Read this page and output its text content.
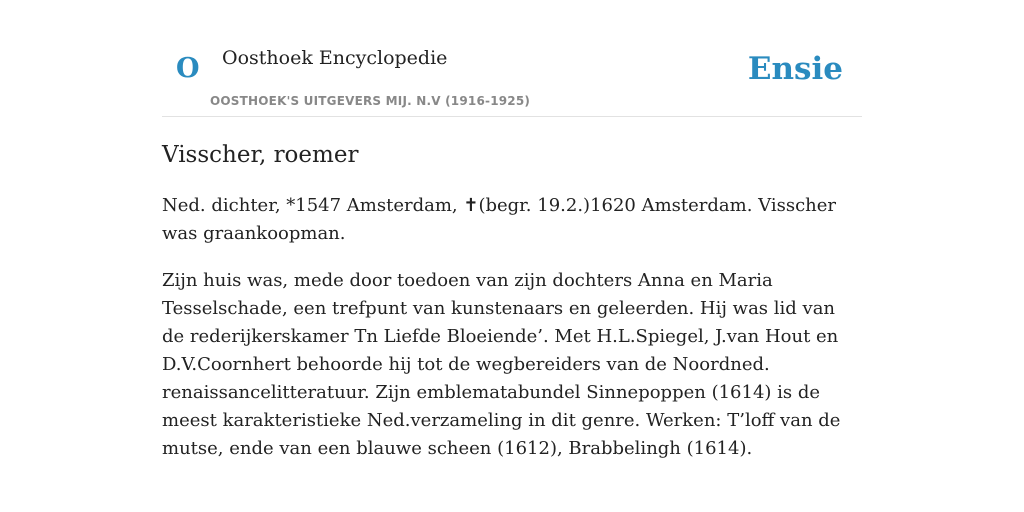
O Oosthoek Encyclopedie
OOSTHOEK'S UITGEVERS MIJ. N.V (1916-1925)
Ensie
Visscher, roemer

Ned. dichter, *1547 Amsterdam, ✝(begr. 19.2.)1620 Amsterdam. Visscher was graankoopman.

Zijn huis was, mede door toedoen van zijn dochters Anna en Maria Tesselschade, een trefpunt van kunstenaars en geleerden. Hij was lid van de rederijkerskamer Tn Liefde Bloeiende’. Met H.L.Spiegel, J.van Hout en D.V.Coornhert behoorde hij tot de wegbereiders van de Noordned. renaissancelitteratuur. Zijn emblematabundel Sinnepoppen (1614) is de meest karakteristieke Ned.verzameling in dit genre. Werken: T’loff van de mutse, ende van een blauwe scheen (1612), Brabbelingh (1614).
